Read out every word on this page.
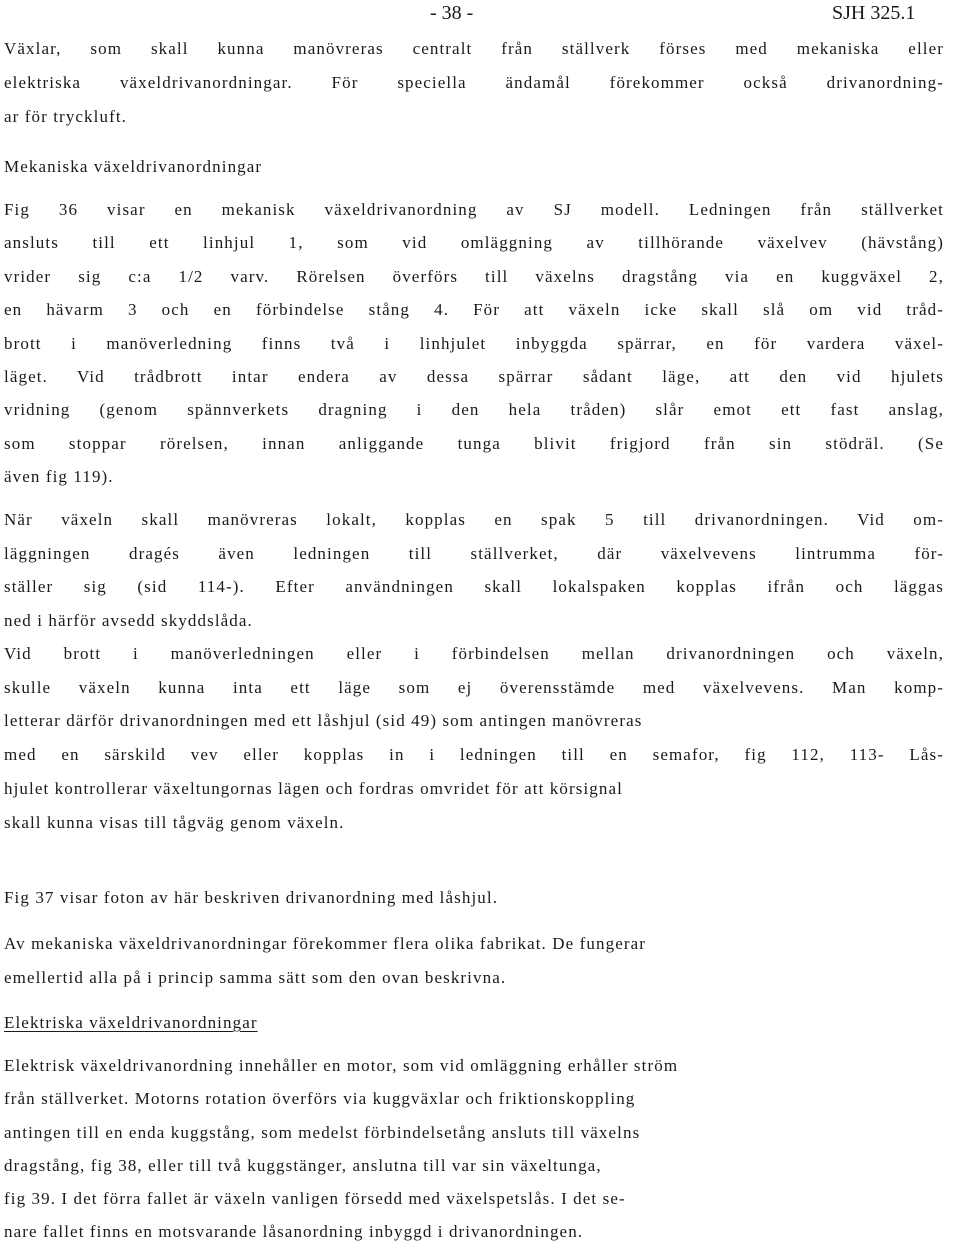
- 38 -	SJH 325.1
Växlar, som skall kunna manövreras centralt från ställverk förses med mekaniska eller
elektriska växeldrivanordningar. För speciella ändamål förekommer också drivanordning-
ar för tryckluft.
Mekaniska växeldrivanordningar
Fig 36 visar en mekanisk växeldrivanordning av SJ modell. Ledningen från ställverket
ansluts till ett linhjul 1, som vid omläggning av tillhörande växelvev (hävstång)
vrider sig c:a 1/2 varv. Rörelsen överförs till växelns dragstång via en kuggväxel 2,
en hävarm 3 och en förbindelse stång 4. För att växeln icke skall slå om vid tråd-
brott i manöverledning finns två i linhjulet inbyggda spärrar, en för vardera växel-
läget. Vid trådbrott intar endera av dessa spärrar sådant läge, att den vid hjulets
vridning (genom spännverkets dragning i den hela tråden) slår emot ett fast anslag,
som stoppar rörelsen, innan anliggande tunga blivit frigjord från sin stödräl. (Se
även fig 119).
När växeln skall manövreras lokalt, kopplas en spak 5 till drivanordningen. Vid om-
läggningen dragés även ledningen till ställverket, där växelvevens lintrumma för-
ställer sig (sid 114-). Efter användningen skall lokalspaken kopplas ifrån och läggas
ned i härför avsedd skyddslåda.
Vid brott i manöverledningen eller i förbindelsen mellan drivanordningen och växeln,
skulle växeln kunna inta ett läge som ej överensstämde med växelvevens. Man komp-
letterar därför drivanordningen med ett låshjul (sid 49) som antingen manövreras
med en särskild vev eller kopplas in i ledningen till en semafor, fig 112, 113- Lås-
hjulet kontrollerar växeltungornas lägen och fordras omvridet för att körsignal
skall kunna visas till tågväg genom växeln.
Fig 37 visar foton av här beskriven drivanordning med låshjul.
Av mekaniska växeldrivanordningar förekommer flera olika fabrikat. De fungerar
emellertid alla på i princip samma sätt som den ovan beskrivna.
Elektriska växeldrivanordningar
Elektrisk växeldrivanordning innehåller en motor, som vid omläggning erhåller ström
från ställverket. Motorns rotation överförs via kuggväxlar och friktionskoppling
antingen till en enda kuggstång, som medelst förbindelsetång ansluts till växelns
dragstång, fig 38, eller till två kuggstänger, anslutna till var sin växeltunga,
fig 39. I det förra fallet är växeln vanligen försedd med växelspetslås. I det se-
nare fallet finns en motsvarande låsanordning inbyggd i drivanordningen.
